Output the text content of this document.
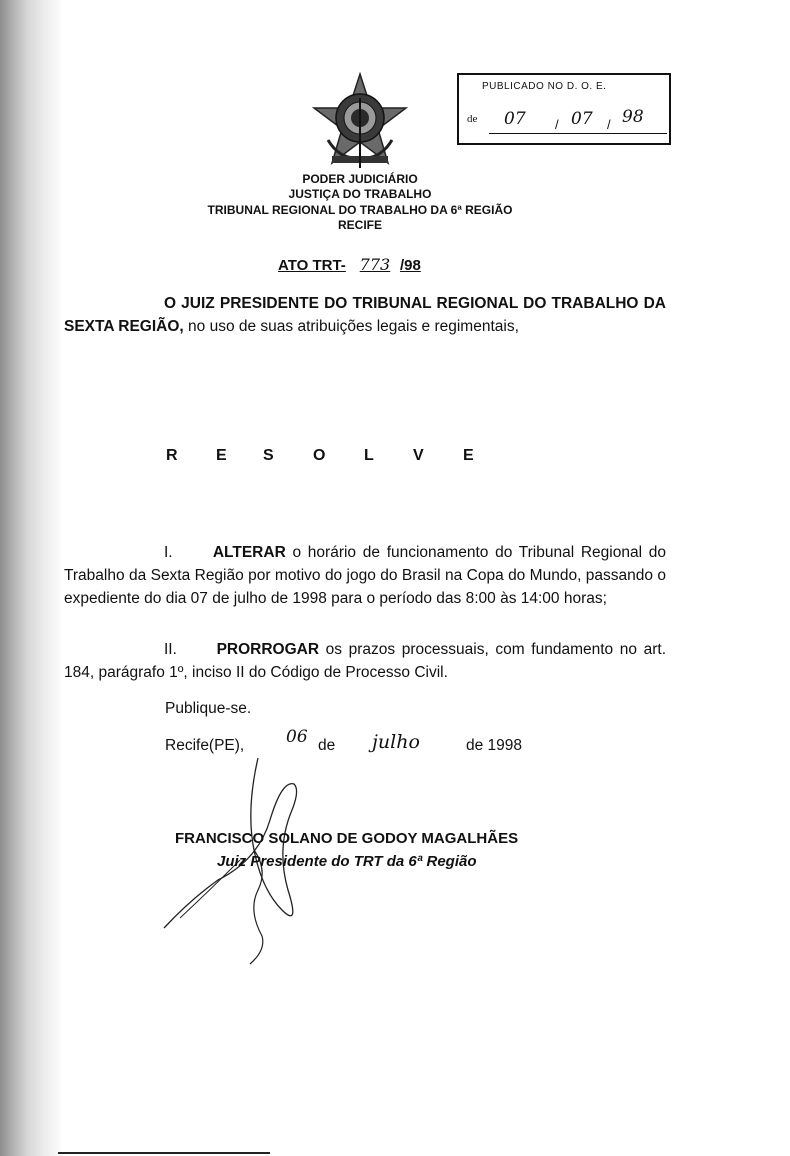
PUBLICADO NO D. O. E.
de 07	07 98
/	/
PODER JUDICIÁRIO
JUSTIÇA DO TRABALHO
TRIBUNAL REGIONAL DO TRABALHO DA 6ª REGIÃO
RECIFE
ATO TRT- 773 /98
O JUIZ PRESIDENTE DO TRIBUNAL REGIONAL DO TRABALHO DA SEXTA REGIÃO, no uso de suas atribuições legais e regimentais,
R E S O L V E
I.	ALTERAR o horário de funcionamento do Tribunal Regional do Trabalho da Sexta Região por motivo do jogo do Brasil na Copa do Mundo, passando o expediente do dia 07 de julho de 1998 para o período das 8:00 às 14:00 horas;
II.	PRORROGAR os prazos processuais, com fundamento no art. 184, parágrafo 1º, inciso II do Código de Processo Civil.
Publique-se.
Recife(PE), 06 de julho	de 1998
FRANCISCO SOLANO DE GODOY MAGALHÃES
Juiz Presidente do TRT da 6ª Região
